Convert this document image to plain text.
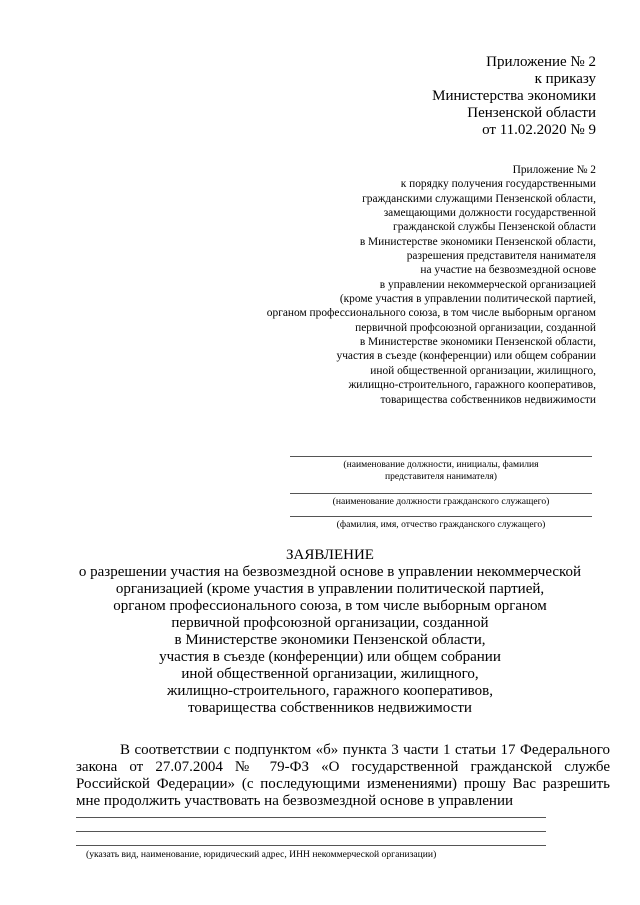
Приложение № 2
к приказу
Министерства экономики
Пензенской области
от 11.02.2020 № 9
Приложение № 2
к порядку получения государственными
гражданскими служащими Пензенской области,
замещающими должности государственной
гражданской службы Пензенской области
в Министерстве экономики Пензенской области,
разрешения представителя нанимателя
на участие на безвозмездной основе
в управлении некоммерческой организацией
(кроме участия в управлении политической партией,
органом профессионального союза, в том числе выборным органом
первичной профсоюзной организации, созданной
в Министерстве экономики Пензенской области,
участия в съезде (конференции) или общем собрании
иной общественной организации, жилищного,
жилищно-строительного, гаражного кооперативов,
товарищества собственников недвижимости
(наименование должности, инициалы, фамилия
представителя нанимателя)
(наименование должности гражданского служащего)
(фамилия, имя, отчество гражданского служащего)
ЗАЯВЛЕНИЕ
о разрешении участия на безвозмездной основе в управлении некоммерческой
организацией (кроме участия в управлении политической партией,
органом профессионального союза, в том числе выборным органом
первичной профсоюзной организации, созданной
в Министерстве экономики Пензенской области,
участия в съезде (конференции) или общем собрании
иной общественной организации, жилищного,
жилищно-строительного, гаражного кооперативов,
товарищества собственников недвижимости

В соответствии с подпунктом «б» пункта 3 части 1 статьи 17 Федерального закона от 27.07.2004 № 79-ФЗ «О государственной гражданской службе Российской Федерации» (с последующими изменениями) прошу Вас разрешить мне продолжить участвовать на безвозмездной основе в управлении

(указать вид, наименование, юридический адрес, ИНН некоммерческой организации)
